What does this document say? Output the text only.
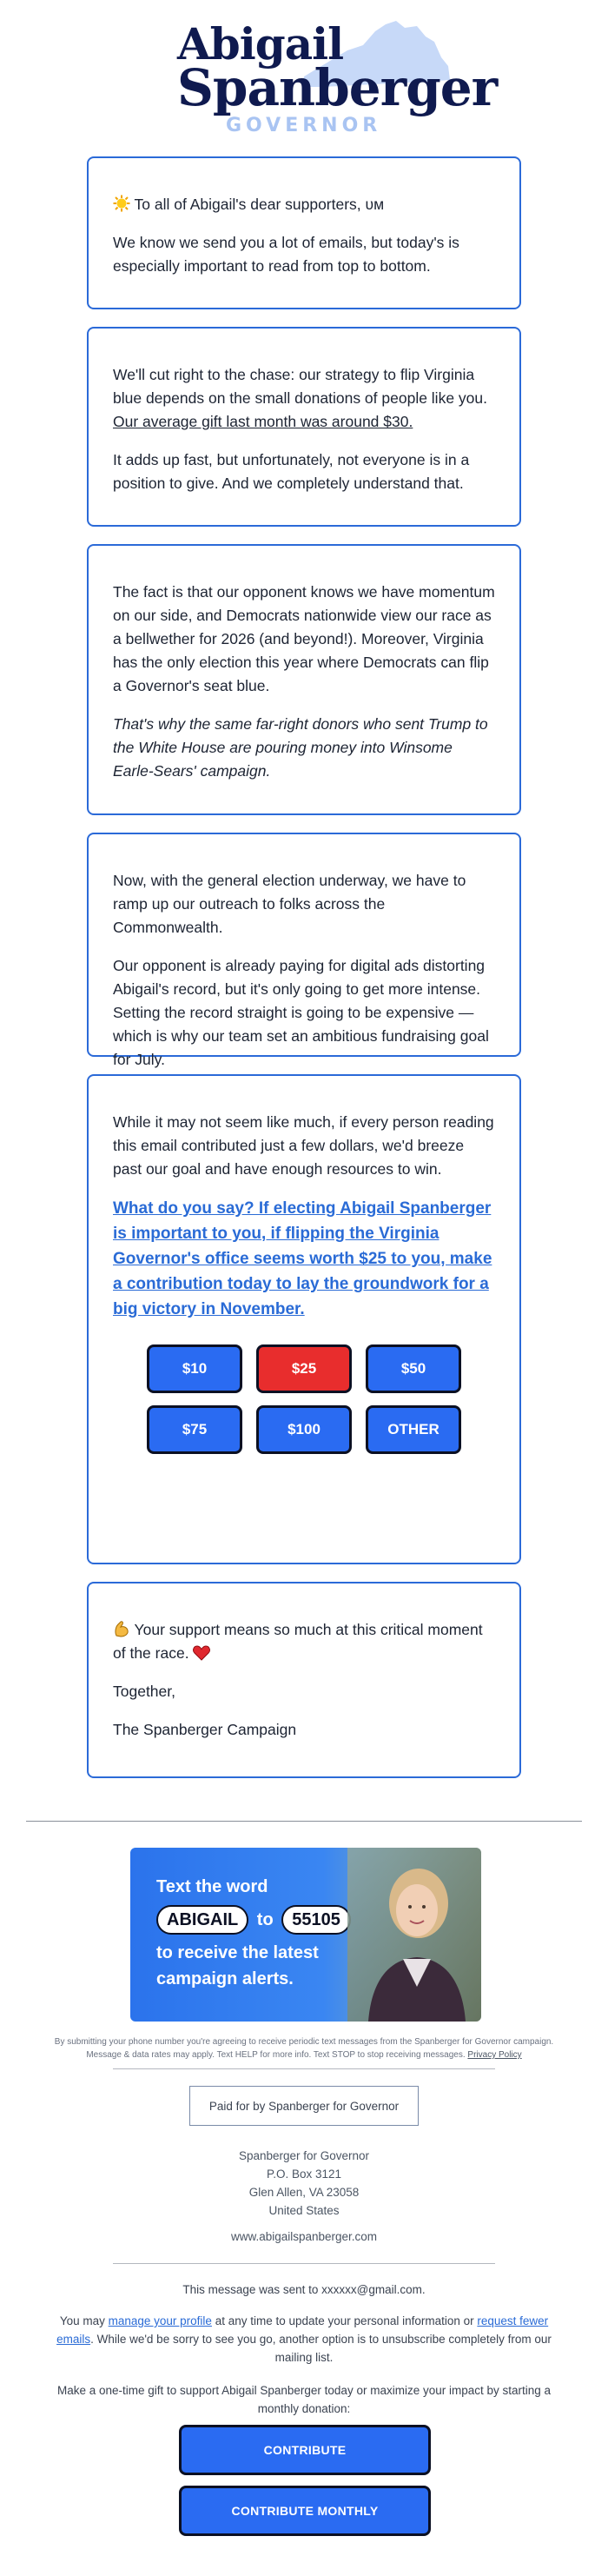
Abigail
Spanberger
GOVERNOR

To all of Abigail's dear supporters, ᴜᴍ

We know we send you a lot of emails, but today's is especially important to read from top to bottom.

We'll cut right to the chase: our strategy to flip Virginia blue depends on the small donations of people like you. Our average gift last month was around $30.

It adds up fast, but unfortunately, not everyone is in a position to give. And we completely understand that.

The fact is that our opponent knows we have momentum on our side, and Democrats nationwide view our race as a bellwether for 2026 (and beyond!). Moreover, Virginia has the only election this year where Democrats can flip a Governor's seat blue.

That's why the same far-right donors who sent Trump to the White House are pouring money into Winsome Earle-Sears' campaign.

Now, with the general election underway, we have to ramp up our outreach to folks across the Commonwealth.

Our opponent is already paying for digital ads distorting Abigail's record, but it's only going to get more intense. Setting the record straight is going to be expensive — which is why our team set an ambitious fundraising goal for July.

While it may not seem like much, if every person reading this email contributed just a few dollars, we'd breeze past our goal and have enough resources to win.

What do you say? If electing Abigail Spanberger is important to you, if flipping the Virginia Governor's office seems worth $25 to you, make a contribution today to lay the groundwork for a big victory in November.
$10	$25	$50
$75	$100	OTHER

Your support means so much at this critical moment of the race.

Together,

The Spanberger Campaign

Text the word
ABIGAIL to 55105
to receive the latest
campaign alerts.
By submitting your phone number you're agreeing to receive periodic text messages from the Spanberger for Governor campaign. Message & data rates may apply. Text HELP for more info. Text STOP to stop receiving messages. Privacy Policy
Paid for by Spanberger for Governor
Spanberger for Governor
P.O. Box 3121
Glen Allen, VA 23058
United States
www.abigailspanberger.com
This message was sent to xxxxxx@gmail.com.
You may manage your profile at any time to update your personal information or request fewer emails. While we'd be sorry to see you go, another option is to unsubscribe completely from our mailing list.
Make a one-time gift to support Abigail Spanberger today or maximize your impact by starting a monthly donation:
CONTRIBUTE
CONTRIBUTE MONTHLY
